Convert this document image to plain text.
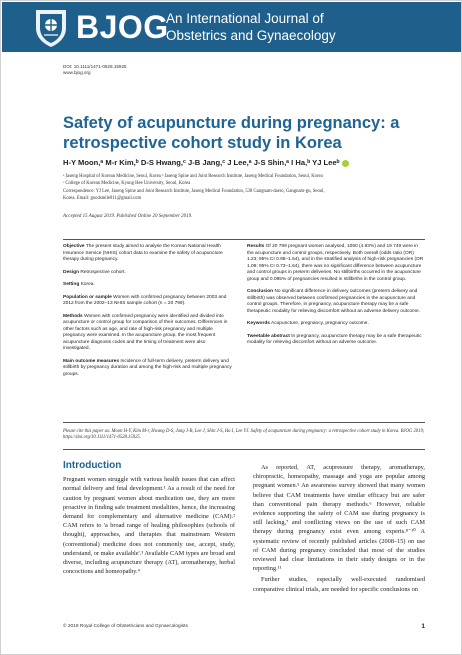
BJOG
An International Journal of
Obstetrics and Gynaecology
DOI: 10.1111/1471-0528.15925
www.bjog.org
Safety of acupuncture during pregnancy: a
retrospective cohort study in Korea
H-Y Moon,ᵃ M-r Kim,ᵇ D-S Hwang,ᶜ J-B Jang,ᶜ J Lee,ᵃ J-S Shin,ᵃ I Ha,ᵇ YJ Leeᵇ
ᵃ Jaseng Hospital of Korean Medicine, Seoul, Korea ᵇ Jaseng Spine and Joint Research Institute, Jaseng Medical Foundation, Seoul, Korea
ᶜ College of Korean Medicine, Kyung Hee University, Seoul, Korea
Correspondence: YJ Lee, Jaseng Spine and Joint Research Institute, Jaseng Medical Foundation, 538 Gangnam-daero, Gangnam-gu, Seoul,
Korea. Email: goodsmile811@gmail.com
Accepted 15 August 2019. Published Online 20 September 2019.

Objective The present study aimed to analyse the Korean National Health Insurance Service (NHIS) cohort data to examine the safety of acupuncture therapy during pregnancy.

Design Retrospective cohort.

Setting Korea.

Population or sample Women with confirmed pregnancy between 2003 and 2012 from the 2002–13 NHIS sample cohort (n = 20 799).

Methods Women with confirmed pregnancy were identified and divided into acupuncture or control group for comparison of their outcomes. Differences in other factors such as age, and rate of high-risk pregnancy and multiple pregnancy were examined. In the acupuncture group, the most frequent acupuncture diagnosis codes and the timing of treatment were also investigated.

Main outcome measures Incidence of full-term delivery, preterm delivery and stillbirth by pregnancy duration and among the high-risk and multiple pregnancy groups.

Results Of 20 799 pregnant women analysed, 1050 (4.93%) and 19 749 were in the acupuncture and control groups, respectively. Both overall (odds ratio (OR) 1.23; 95% CI 0.98–1.54), and in the stratified analysis of high-risk pregnancies (OR 1.09; 95% CI 0.73–1.64), there was no significant difference between acupuncture and control groups in preterm deliveries. No stillbirths occurred in the acupuncture group and 0.085% of pregnancies resulted in stillbirths in the control group.

Conclusion No significant difference in delivery outcomes (preterm delivery and stillbirth) was observed between confirmed pregnancies in the acupuncture and control groups. Therefore, in pregnancy, acupuncture therapy may be a safe therapeutic modality for relieving discomfort without an adverse delivery outcome.

Keywords Acupuncture, pregnancy, pregnancy outcome.

Tweetable abstract In pregnancy, acupuncture therapy may be a safe therapeutic modality for relieving discomfort without an adverse outcome.

Please cite this paper as: Moon H-Y, Kim M-r, Hwang D-S, Jang J-B, Lee J, Shin J-S, Ha I, Lee YJ. Safety of acupuncture during pregnancy: a retrospective cohort study in Korea. BJOG 2019; https://doi.org/10.1111/1471-0528.15925.
Introduction

Pregnant women struggle with various health issues that can affect normal delivery and fetal development.¹ As a result of the need for caution by pregnant women about medication use, they are more proactive in finding safe treatment modalities, hence, the increasing demand for complementary and alternative medicine (CAM).² CAM refers to 'a broad range of healing philosophies (schools of thought), approaches, and therapies that mainstream Western (conventional) medicine does not commonly use, accept, study, understand, or make available'.³ Available CAM types are broad and diverse, including acupuncture therapy (AT), aromatherapy, herbal concoctions and homeopathy.⁴

As reported, AT, acupressure therapy, aromatherapy, chiropractic, homeopathy, massage and yoga are popular among pregnant women.⁵ An awareness survey showed that many women believe that CAM treatments have similar efficacy but are safer than conventional pain therapy methods.⁶ However, reliable evidence supporting the safety of CAM use during pregnancy is still lacking,⁷ and conflicting views on the use of such CAM therapy during pregnancy exist even among experts.⁸⁻¹⁰ A systematic review of recently published articles (2008–15) on use of CAM during pregnancy concluded that most of the studies reviewed had clear limitations in their study designs or in the reporting.¹¹

Further studies, especially well-executed randomised comparative clinical trials, are needed for specific conclusions on

© 2019 Royal College of Obstetricians and Gynaecologists	1
